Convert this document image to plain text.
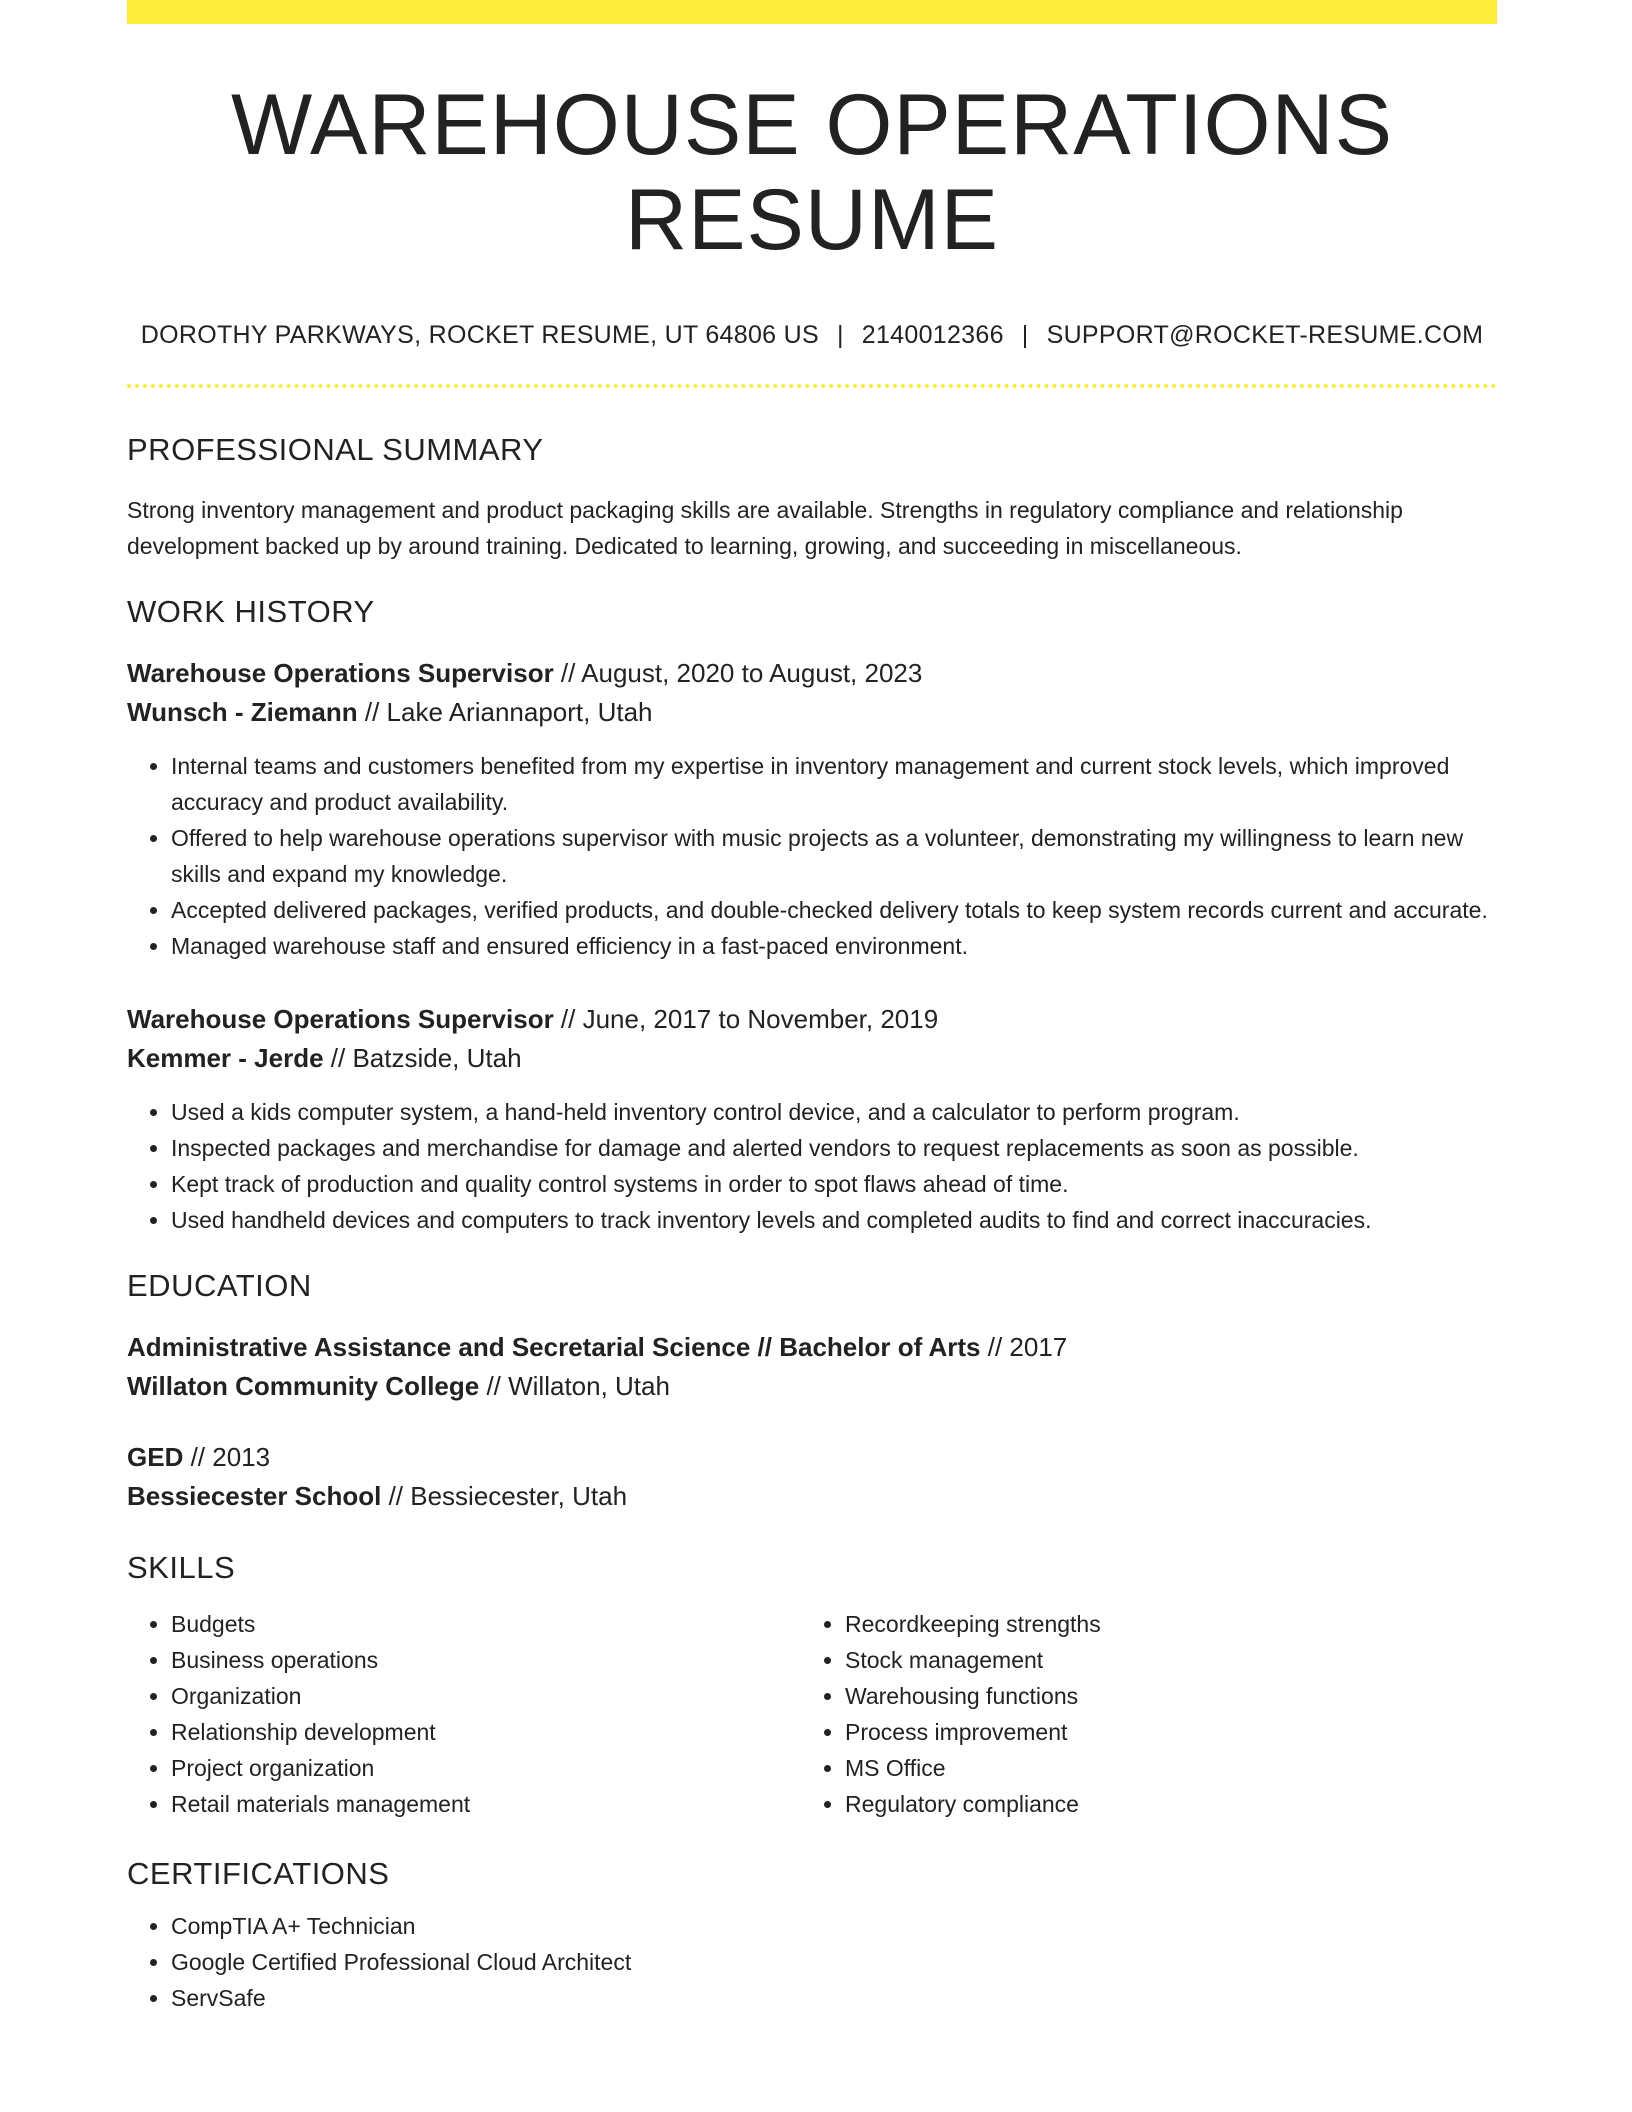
WAREHOUSE OPERATIONS RESUME
DOROTHY PARKWAYS, ROCKET RESUME, UT 64806 US | 2140012366 | SUPPORT@ROCKET-RESUME.COM
PROFESSIONAL SUMMARY
Strong inventory management and product packaging skills are available. Strengths in regulatory compliance and relationship development backed up by around training. Dedicated to learning, growing, and succeeding in miscellaneous.
WORK HISTORY
Warehouse Operations Supervisor // August, 2020 to August, 2023
Wunsch - Ziemann // Lake Ariannaport, Utah
• Internal teams and customers benefited from my expertise in inventory management and current stock levels, which improved accuracy and product availability.
• Offered to help warehouse operations supervisor with music projects as a volunteer, demonstrating my willingness to learn new skills and expand my knowledge.
• Accepted delivered packages, verified products, and double-checked delivery totals to keep system records current and accurate.
• Managed warehouse staff and ensured efficiency in a fast-paced environment.
Warehouse Operations Supervisor // June, 2017 to November, 2019
Kemmer - Jerde // Batzside, Utah
• Used a kids computer system, a hand-held inventory control device, and a calculator to perform program.
• Inspected packages and merchandise for damage and alerted vendors to request replacements as soon as possible.
• Kept track of production and quality control systems in order to spot flaws ahead of time.
• Used handheld devices and computers to track inventory levels and completed audits to find and correct inaccuracies.
EDUCATION
Administrative Assistance and Secretarial Science // Bachelor of Arts // 2017
Willaton Community College // Willaton, Utah
GED // 2013
Bessiecester School // Bessiecester, Utah
SKILLS
• Budgets
• Business operations
• Organization
• Relationship development
• Project organization
• Retail materials management
• Recordkeeping strengths
• Stock management
• Warehousing functions
• Process improvement
• MS Office
• Regulatory compliance
CERTIFICATIONS
• CompTIA A+ Technician
• Google Certified Professional Cloud Architect
• ServSafe
